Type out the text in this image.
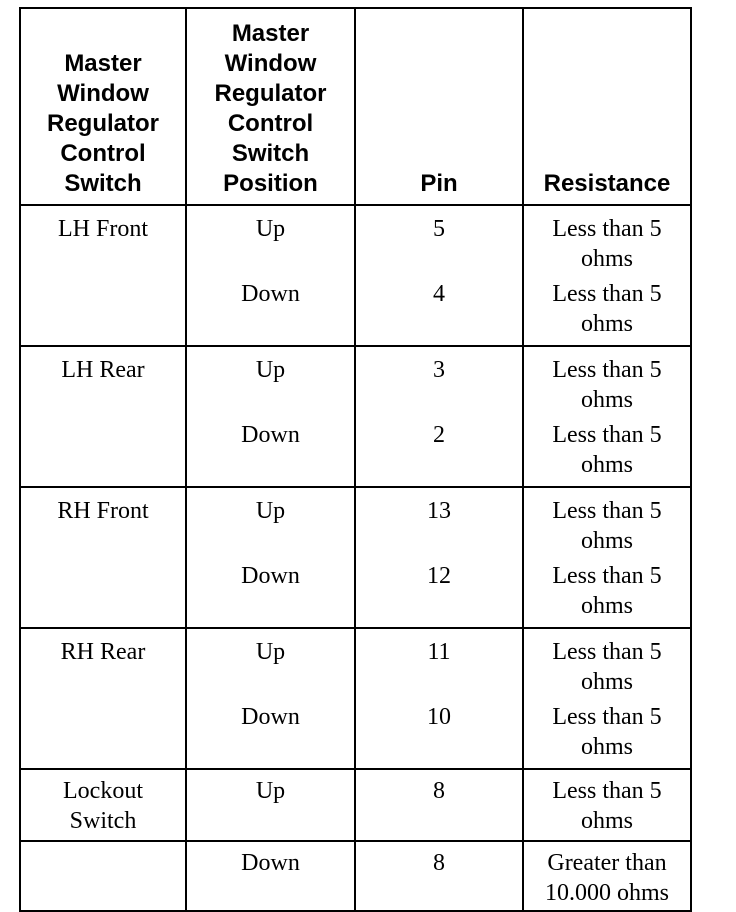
Master Window Regulator Control Switch	Master Window Regulator Control Switch Position	Pin	Resistance
LH Front	Up	5	Less than 5 ohms
	Down	4	Less than 5 ohms
LH Rear	Up	3	Less than 5 ohms
	Down	2	Less than 5 ohms
RH Front	Up	13	Less than 5 ohms
	Down	12	Less than 5 ohms
RH Rear	Up	11	Less than 5 ohms
	Down	10	Less than 5 ohms
Lockout Switch	Up	8	Less than 5 ohms
	Down	8	Greater than 10.000 ohms
